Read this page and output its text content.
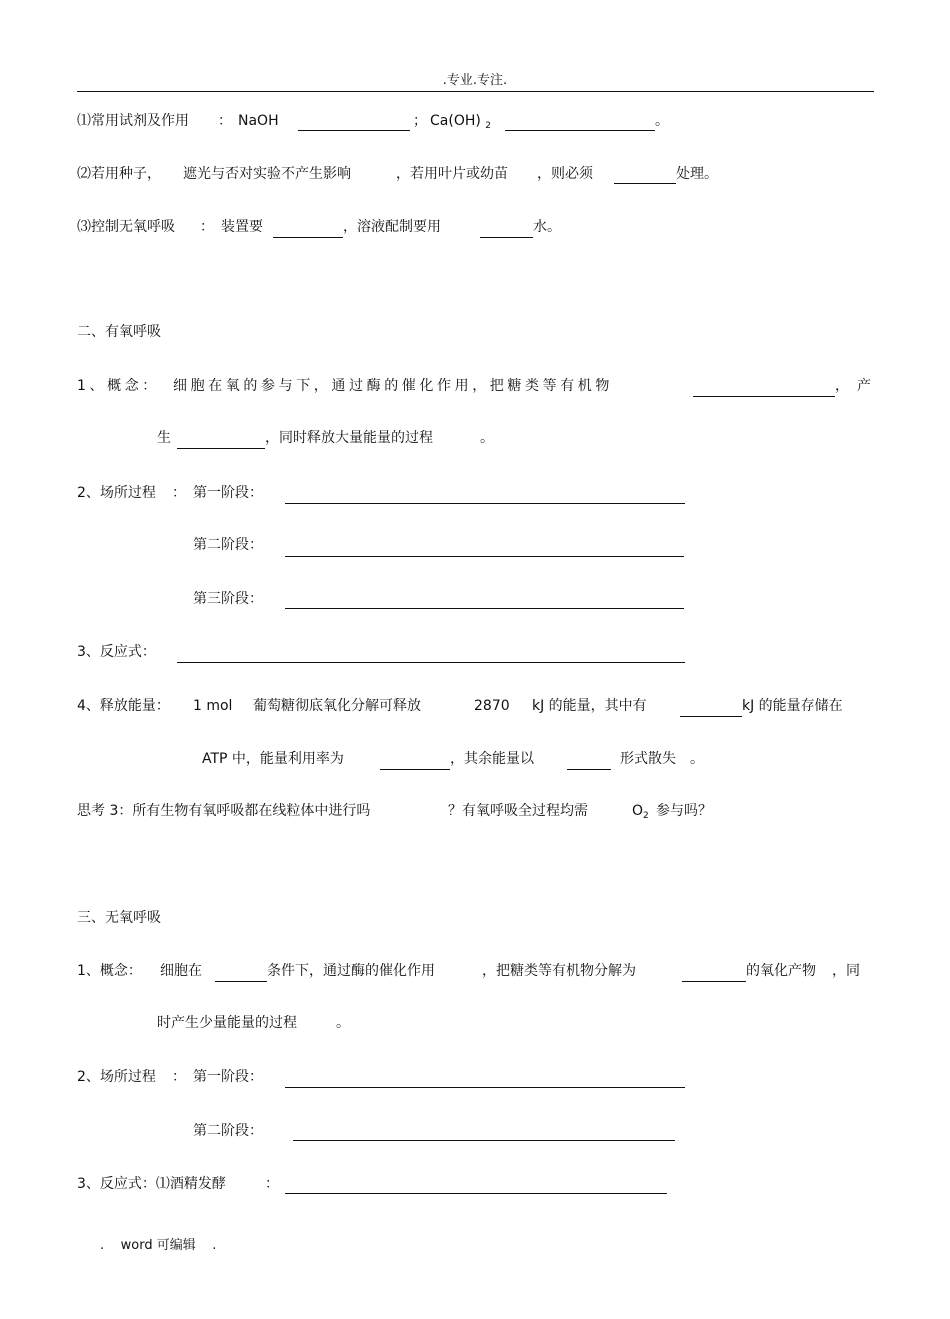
.专业.专注.
⑴常用试剂及作用 ： NaOH	； Ca(OH) $_2$	。
⑵若用种子， 遮光与否对实验不产生影响	，若用叶片或幼苗 ，则必须	处理。
⑶控制无氧呼吸 ： 装置要	，溶液配制要用	水。
二、有氧呼吸
1、概念： 细胞在氧的参与下，通过酶的催化作用，把糖类等有机物	， 产
生	，同时释放大量能量的过程	。
2、场所过程 ： 第一阶段：
第二阶段：
第三阶段：
3、反应式：
4、释放能量： 1 mol 葡萄糖彻底氧化分解可释放	2870 kJ 的能量，其中有	kJ 的能量存储在
ATP 中，能量利用率为	，其余能量以	形式散失 。
思考 3：所有生物有氧呼吸都在线粒体中进行吗	？有氧呼吸全过程均需	$O_2$ 参与吗？
三、无氧呼吸
1、概念： 细胞在	条件下，通过酶的催化作用	，把糖类等有机物分解为	的氧化产物 ，同
时产生少量能量的过程	。
2、场所过程 ： 第一阶段：
第二阶段：
3、反应式：⑴酒精发酵	：
.    word 可编辑    .
